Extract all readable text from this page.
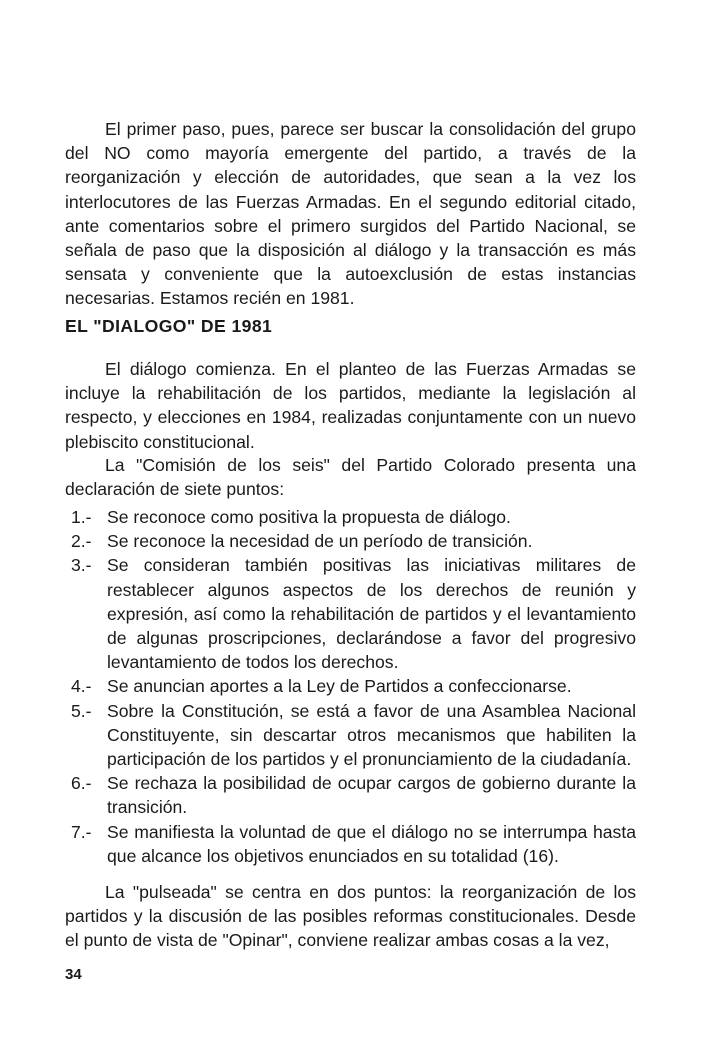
El primer paso, pues, parece ser buscar la consolidación del grupo del NO como mayoría emergente del partido, a través de la reorganización y elección de autoridades, que sean a la vez los interlocutores de las Fuerzas Armadas. En el segundo editorial citado, ante comentarios sobre el primero surgidos del Partido Nacional, se señala de paso que la disposición al diálogo y la transacción es más sensata y conveniente que la autoexclusión de estas instancias necesarias. Estamos recién en 1981.

EL "DIALOGO" DE 1981

El diálogo comienza. En el planteo de las Fuerzas Armadas se incluye la rehabilitación de los partidos, mediante la legislación al respecto, y elecciones en 1984, realizadas conjuntamente con un nuevo plebiscito constitucional.

La "Comisión de los seis" del Partido Colorado presenta una declaración de siete puntos:

1.- Se reconoce como positiva la propuesta de diálogo.
2.- Se reconoce la necesidad de un período de transición.
3.- Se consideran también positivas las iniciativas militares de restablecer algunos aspectos de los derechos de reunión y expresión, así como la rehabilitación de partidos y el levantamiento de algunas proscripciones, declarándose a favor del progresivo levantamiento de todos los derechos.
4.- Se anuncian aportes a la Ley de Partidos a confeccionarse.
5.- Sobre la Constitución, se está a favor de una Asamblea Nacional Constituyente, sin descartar otros mecanismos que habiliten la participación de los partidos y el pronunciamiento de la ciudadanía.
6.- Se rechaza la posibilidad de ocupar cargos de gobierno durante la transición.
7.- Se manifiesta la voluntad de que el diálogo no se interrumpa hasta que alcance los objetivos enunciados en su totalidad (16).

La "pulseada" se centra en dos puntos: la reorganización de los partidos y la discusión de las posibles reformas constitucionales. Desde el punto de vista de "Opinar", conviene realizar ambas cosas a la vez,

34
